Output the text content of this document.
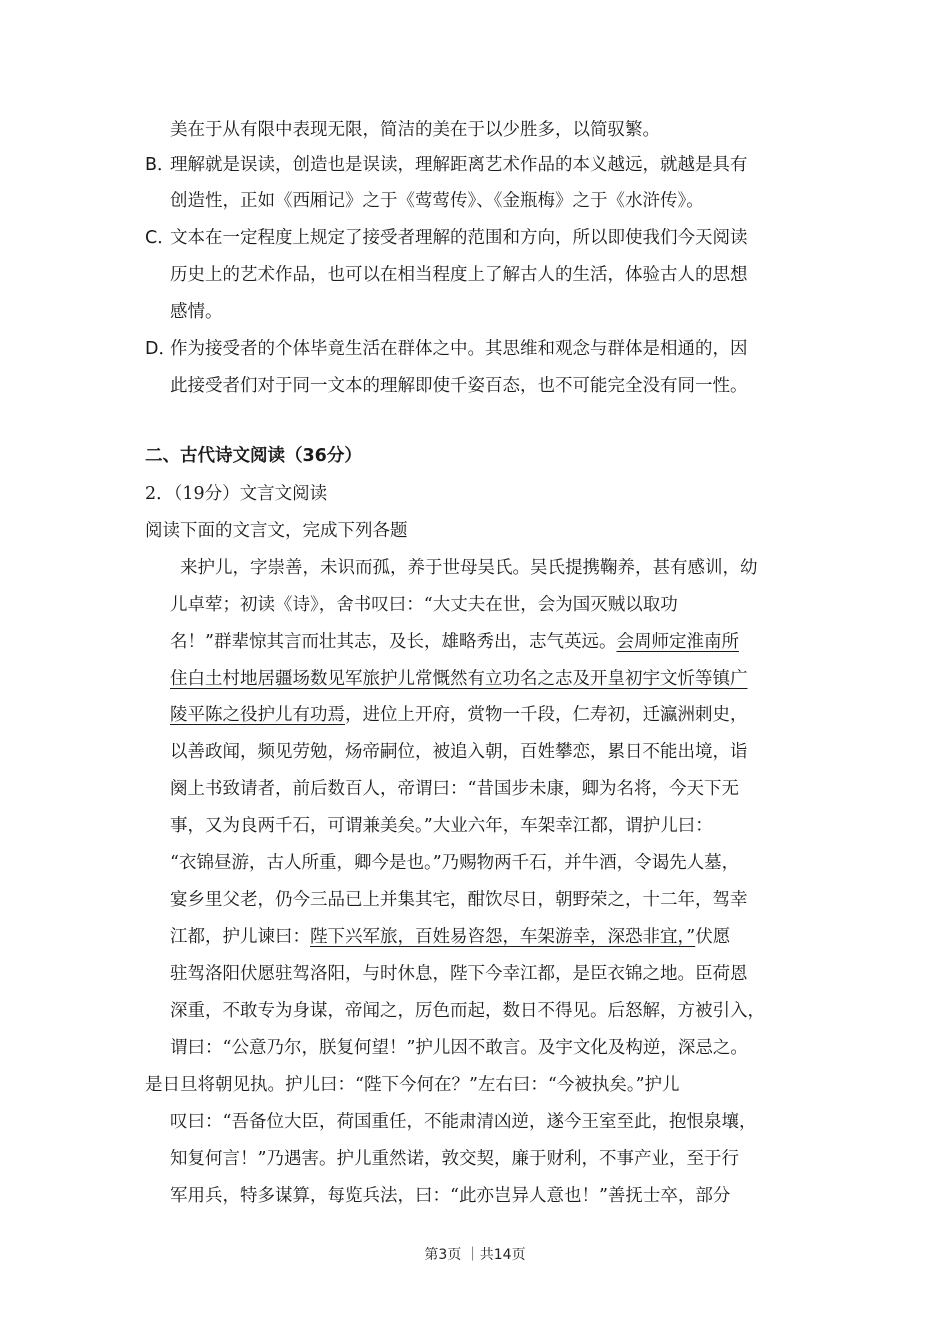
美在于从有限中表现无限，简洁的美在于以少胜多，以简驭繁。
B．
理解就是误读，创造也是误读，理解距离艺术作品的本义越远，就越是具有
创造性，正如《西厢记》之于《莺莺传》、《金瓶梅》之于《水浒传》。
C．
文本在一定程度上规定了接受者理解的范围和方向，所以即使我们今天阅读
历史上的艺术作品，也可以在相当程度上了解古人的生活，体验古人的思想
感情。
D．
作为接受者的个体毕竟生活在群体之中。其思维和观念与群体是相通的，因
此接受者们对于同一文本的理解即使千姿百态，也不可能完全没有同一性。
二、古代诗文阅读（36分）
2．（19分）文言文阅读
阅读下面的文言文，完成下列各题
来护儿，字崇善，未识而孤，养于世母吴氏。吴氏提携鞠养，甚有感训，幼
儿卓荤；初读《诗》，舍书叹曰：“大丈夫在世，会为国灭贼以取功
名！”群辈惊其言而壮其志，及长，雄略秀出，志气英远。会周师定淮南所
住白土村地居疆场数见军旅护儿常慨然有立功名之志及开皇初宇文忻等镇广
陵平陈之役护儿有功焉，进位上开府，赏物一千段，仁寿初，迁瀛洲刺史，
以善政闻，频见劳勉，炀帝嗣位，被追入朝，百姓攀恋，累日不能出境，诣
阕上书致请者，前后数百人，帝谓曰：“昔国步未康，卿为名将，今天下无
事，又为良两千石，可谓兼美矣。”大业六年，车架幸江都，谓护儿曰：
“衣锦昼游，古人所重，卿今是也。”乃赐物两千石，并牛酒，令谒先人墓，
宴乡里父老，仍今三品已上并集其宅，酣饮尽日，朝野荣之，十二年，驾幸
江都，护儿谏曰：陛下兴军旅，百姓易咨怨，车架游幸，深恐非宜，”伏愿
驻驾洛阳伏愿驻驾洛阳，与时休息，陛下今幸江都，是臣衣锦之地。臣荷恩
深重，不敢专为身谋，帝闻之，厉色而起，数日不得见。后怒解，方被引入，
谓曰：“公意乃尔，朕复何望！”护儿因不敢言。及宇文化及构逆，深忌之。
是日旦将朝见执。护儿曰：“陛下今何在？”左右曰：“今被执矣。”护儿
叹曰：“吾备位大臣，荷国重任，不能肃清凶逆，遂今王室至此，抱恨泉壤，
知复何言！”乃遇害。护儿重然诺，敦交契，廉于财利，不事产业，至于行
军用兵，特多谋算，每览兵法，曰：“此亦岂异人意也！”善抚士卒，部分
第3页 ｜共14页
